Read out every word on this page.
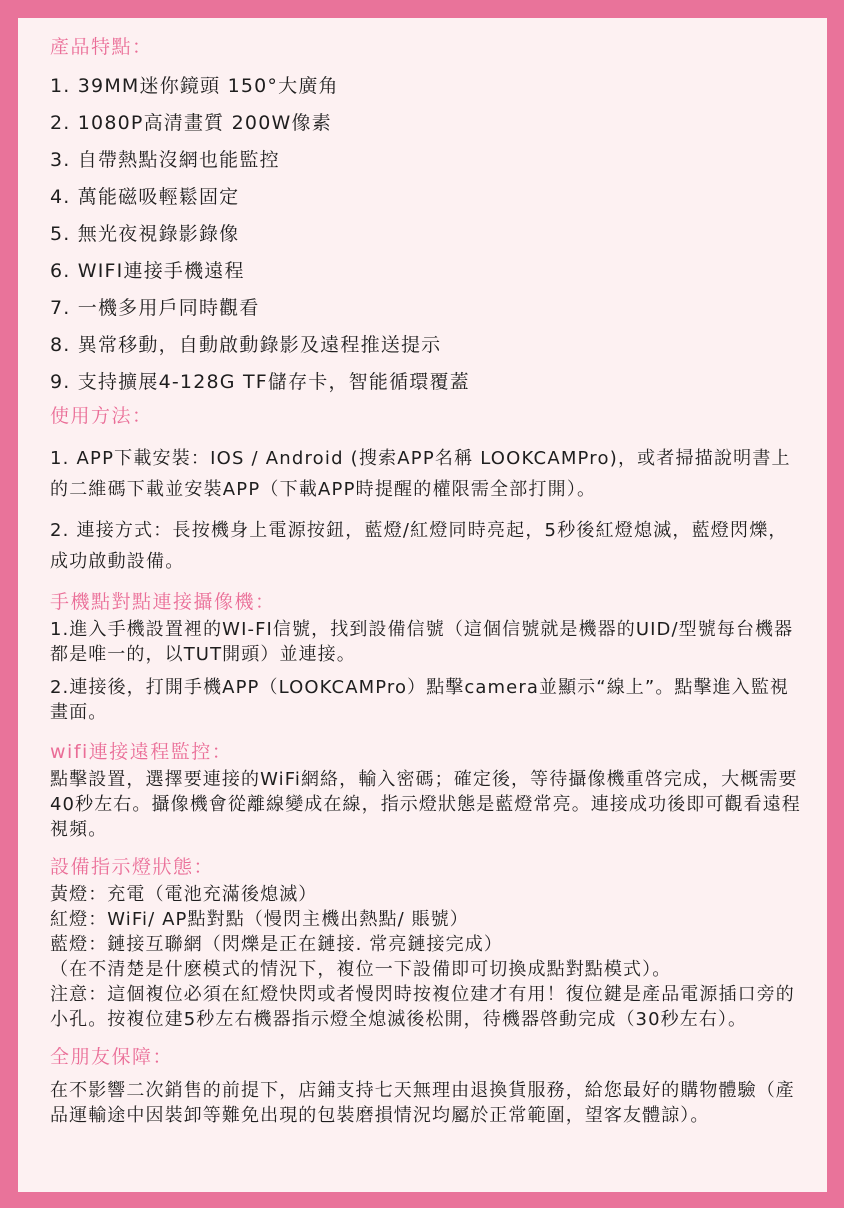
產品特點：

1. 39MM迷你鏡頭 150°大廣角

2. 1080P高清畫質 200W像素

3. 自帶熱點沒網也能監控

4. 萬能磁吸輕鬆固定

5. 無光夜視錄影錄像

6. WIFI連接手機遠程

7. 一機多用戶同時觀看

8. 異常移動，自動啟動錄影及遠程推送提示

9. 支持擴展4-128G TF儲存卡，智能循環覆蓋

使用方法：

1. APP下載安裝：IOS / Android (搜索APP名稱 LOOKCAMPro)，或者掃描說明書上的二維碼下載並安裝APP（下載APP時提醒的權限需全部打開）。

2. 連接方式：長按機身上電源按鈕，藍燈/紅燈同時亮起，5秒後紅燈熄滅，藍燈閃爍，成功啟動設備。

手機點對點連接攝像機：

1.進入手機設置裡的WI-FI信號，找到設備信號（這個信號就是機器的UID/型號每台機器都是唯一的，以TUT開頭）並連接。

2.連接後，打開手機APP（LOOKCAMPro）點擊camera並顯示“線上”。點擊進入監視畫面。

wifi連接遠程監控：

點擊設置，選擇要連接的WiFi網絡，輸入密碼；確定後，等待攝像機重啓完成，大概需要40秒左右。攝像機會從離線變成在線，指示燈狀態是藍燈常亮。連接成功後即可觀看遠程視頻。

設備指示燈狀態：

黃燈：充電（電池充滿後熄滅）

紅燈：WiFi/ AP點對點（慢閃主機出熱點/ 賬號）

藍燈：鏈接互聯網（閃爍是正在鏈接. 常亮鏈接完成）

（在不清楚是什麽模式的情況下，複位一下設備即可切換成點對點模式）。

注意：這個複位必須在紅燈快閃或者慢閃時按複位建才有用！復位鍵是產品電源插口旁的小孔。按複位建5秒左右機器指示燈全熄滅後松開，待機器啓動完成（30秒左右）。

全朋友保障：

在不影響二次銷售的前提下，店鋪支持七天無理由退換貨服務，給您最好的購物體驗（產品運輸途中因裝卸等難免出現的包裝磨損情況均屬於正常範圍，望客友體諒）。
